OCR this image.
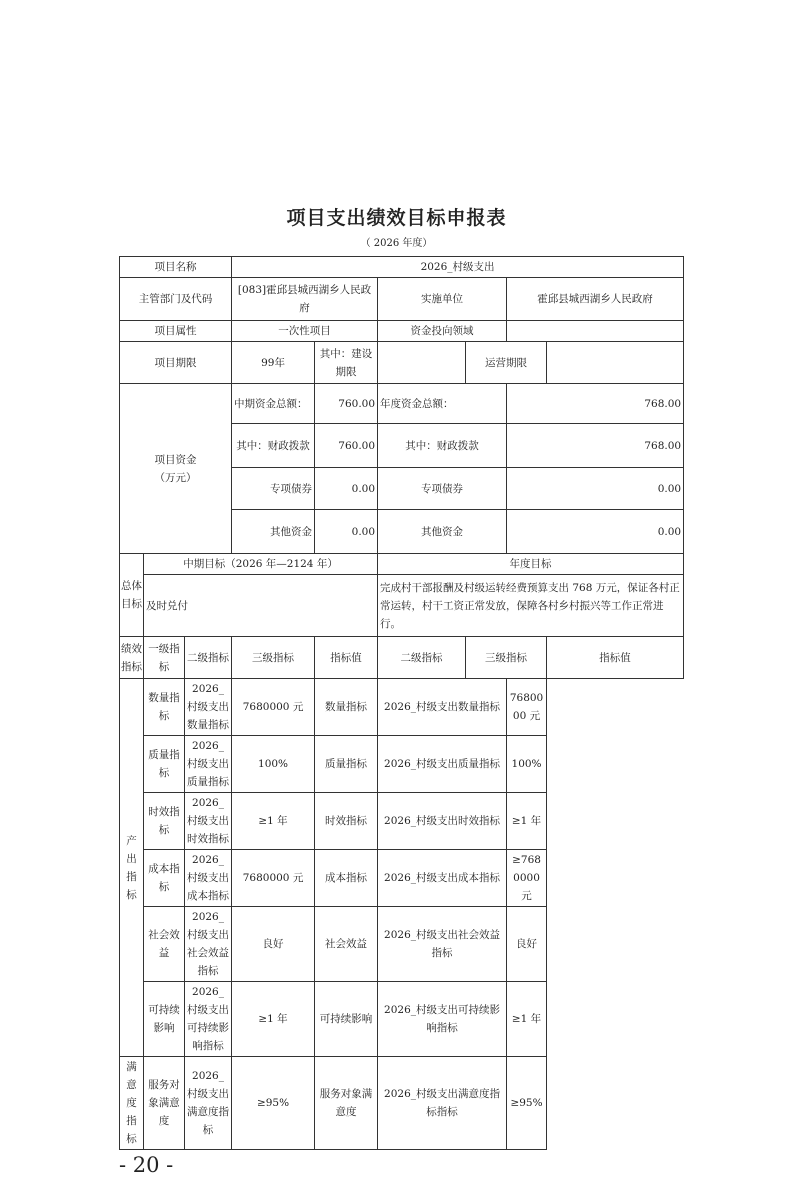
项目支出绩效目标申报表
（ 2026 年度）
项目名称			2026_村级支出					
主管部门及代码			[083]霍邱县城西湖乡人民政府		实施单位		霍邱县城西湖乡人民政府	
项目属性			一次性项目		资金投向领域			
项目期限			99年	其中：建设期限		运营期限		
项目资金
（万元）			中期资金总额：	760.00	年度资金总额：		768.00	
			其中：财政拨款	760.00	其中：财政拨款		768.00	
			专项债券	0.00	专项债券		0.00	
			其他资金	0.00	其他资金		0.00	
总体目标	中期目标（2026 年—2124 年）				年度目标			
	及时兑付				完成村干部报酬及村级运转经费预算支出 768 万元，保证各村正常运转，村干工资正常发放，保障各村乡村振兴等工作正常进行。			
绩效指标	一级指标	二级指标	三级指标	指标值	二级指标	三级指标		指标值
产出指标	数量指标	2026_村级支出数量指标	7680000 元	数量指标	2026_村级支出数量指标		7680000 元	
	质量指标	2026_村级支出质量指标	100%	质量指标	2026_村级支出质量指标		100%	
	时效指标	2026_村级支出时效指标	≥1 年	时效指标	2026_村级支出时效指标		≥1 年	
	成本指标	2026_村级支出成本指标	7680000 元	成本指标	2026_村级支出成本指标		≥7680000 元	
	社会效益	2026_村级支出社会效益指标	良好	社会效益	2026_村级支出社会效益指标		良好	
	可持续影响	2026_村级支出可持续影响指标	≥1 年	可持续影响	2026_村级支出可持续影响指标		≥1 年	
满意度指标	服务对象满意度	2026_村级支出满意度指标	≥95%	服务对象满意度	2026_村级支出满意度指标指标		≥95%	
- 20 -
